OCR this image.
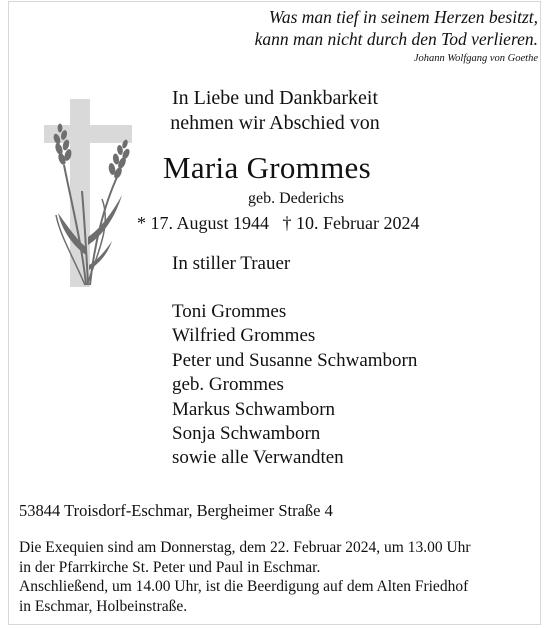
Was man tief in seinem Herzen besitzt,
kann man nicht durch den Tod verlieren.
Johann Wolfgang von Goethe
In Liebe und Dankbarkeit
nehmen wir Abschied von
Maria Grommes
geb. Dederichs
* 17. August 1944   † 10. Februar 2024
In stiller Trauer
Toni Grommes
Wilfried Grommes
Peter und Susanne Schwamborn
geb. Grommes
Markus Schwamborn
Sonja Schwamborn
sowie alle Verwandten
53844 Troisdorf-Eschmar, Bergheimer Straße 4
Die Exequien sind am Donnerstag, dem 22. Februar 2024, um 13.00 Uhr
in der Pfarrkirche St. Peter und Paul in Eschmar.
Anschließend, um 14.00 Uhr, ist die Beerdigung auf dem Alten Friedhof
in Eschmar, Holbeinstraße.
